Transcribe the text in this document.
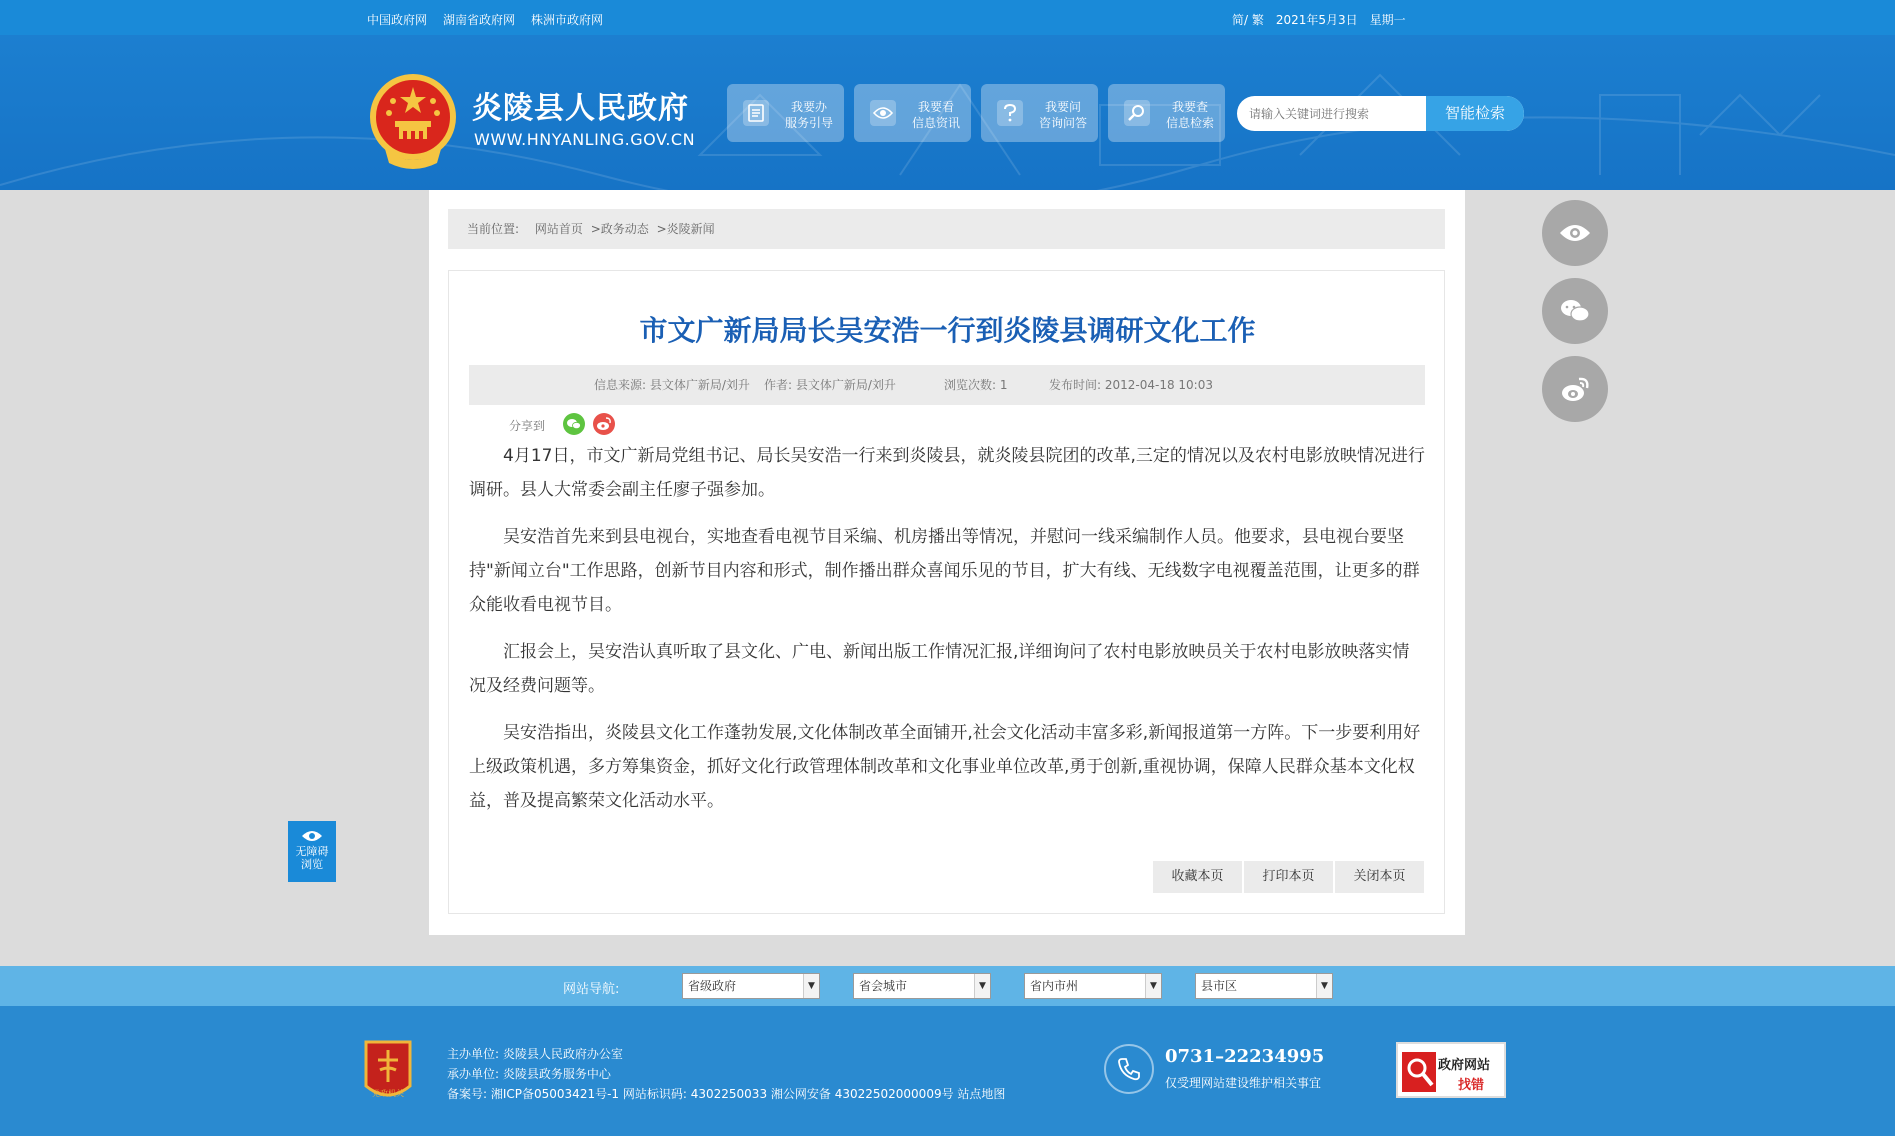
中国政府网 湖南省政府网 株洲市政府网	简/ 繁 2021年5月3日 星期一
炎陵县人民政府
WWW.HNYANLING.GOV.CN
我要办
服务引导
我要看
信息资讯
我要问
咨询问答
我要查
信息检索
请输入关键词进行搜索
智能检索
当前位置: 网站首页 >政务动态 >炎陵新闻
市文广新局局长吴安浩一行到炎陵县调研文化工作
信息来源: 县文体广新局/刘升 作者: 县文体广新局/刘升	浏览次数: 1	发布时间: 2012-04-18 10:03
分享到

4月17日，市文广新局党组书记、局长吴安浩一行来到炎陵县，就炎陵县院团的改革,三定的情况以及农村电影放映情况进行调研。县人大常委会副主任廖子强参加。

吴安浩首先来到县电视台，实地查看电视节目采编、机房播出等情况，并慰问一线采编制作人员。他要求，县电视台要坚持"新闻立台"工作思路，创新节目内容和形式，制作播出群众喜闻乐见的节目，扩大有线、无线数字电视覆盖范围，让更多的群众能收看电视节目。

汇报会上，吴安浩认真听取了县文化、广电、新闻出版工作情况汇报,详细询问了农村电影放映员关于农村电影放映落实情况及经费问题等。

吴安浩指出，炎陵县文化工作蓬勃发展,文化体制改革全面铺开,社会文化活动丰富多彩,新闻报道第一方阵。下一步要利用好上级政策机遇，多方筹集资金，抓好文化行政管理体制改革和文化事业单位改革,勇于创新,重视协调，保障人民群众基本文化权益，普及提高繁荣文化活动水平。

收藏本页	打印本页	关闭本页
无障碍
浏览
网站导航:	省级政府	▼	省会城市	▼	省内市州	▼	县市区	▼
党政机关
主办单位: 炎陵县人民政府办公室
承办单位: 炎陵县政务服务中心
备案号: 湘ICP备05003421号-1 网站标识码: 4302250033 湘公网安备 43022502000009号 站点地图
0731–22234995
仅受理网站建设维护相关事宜
政府网站
找错
